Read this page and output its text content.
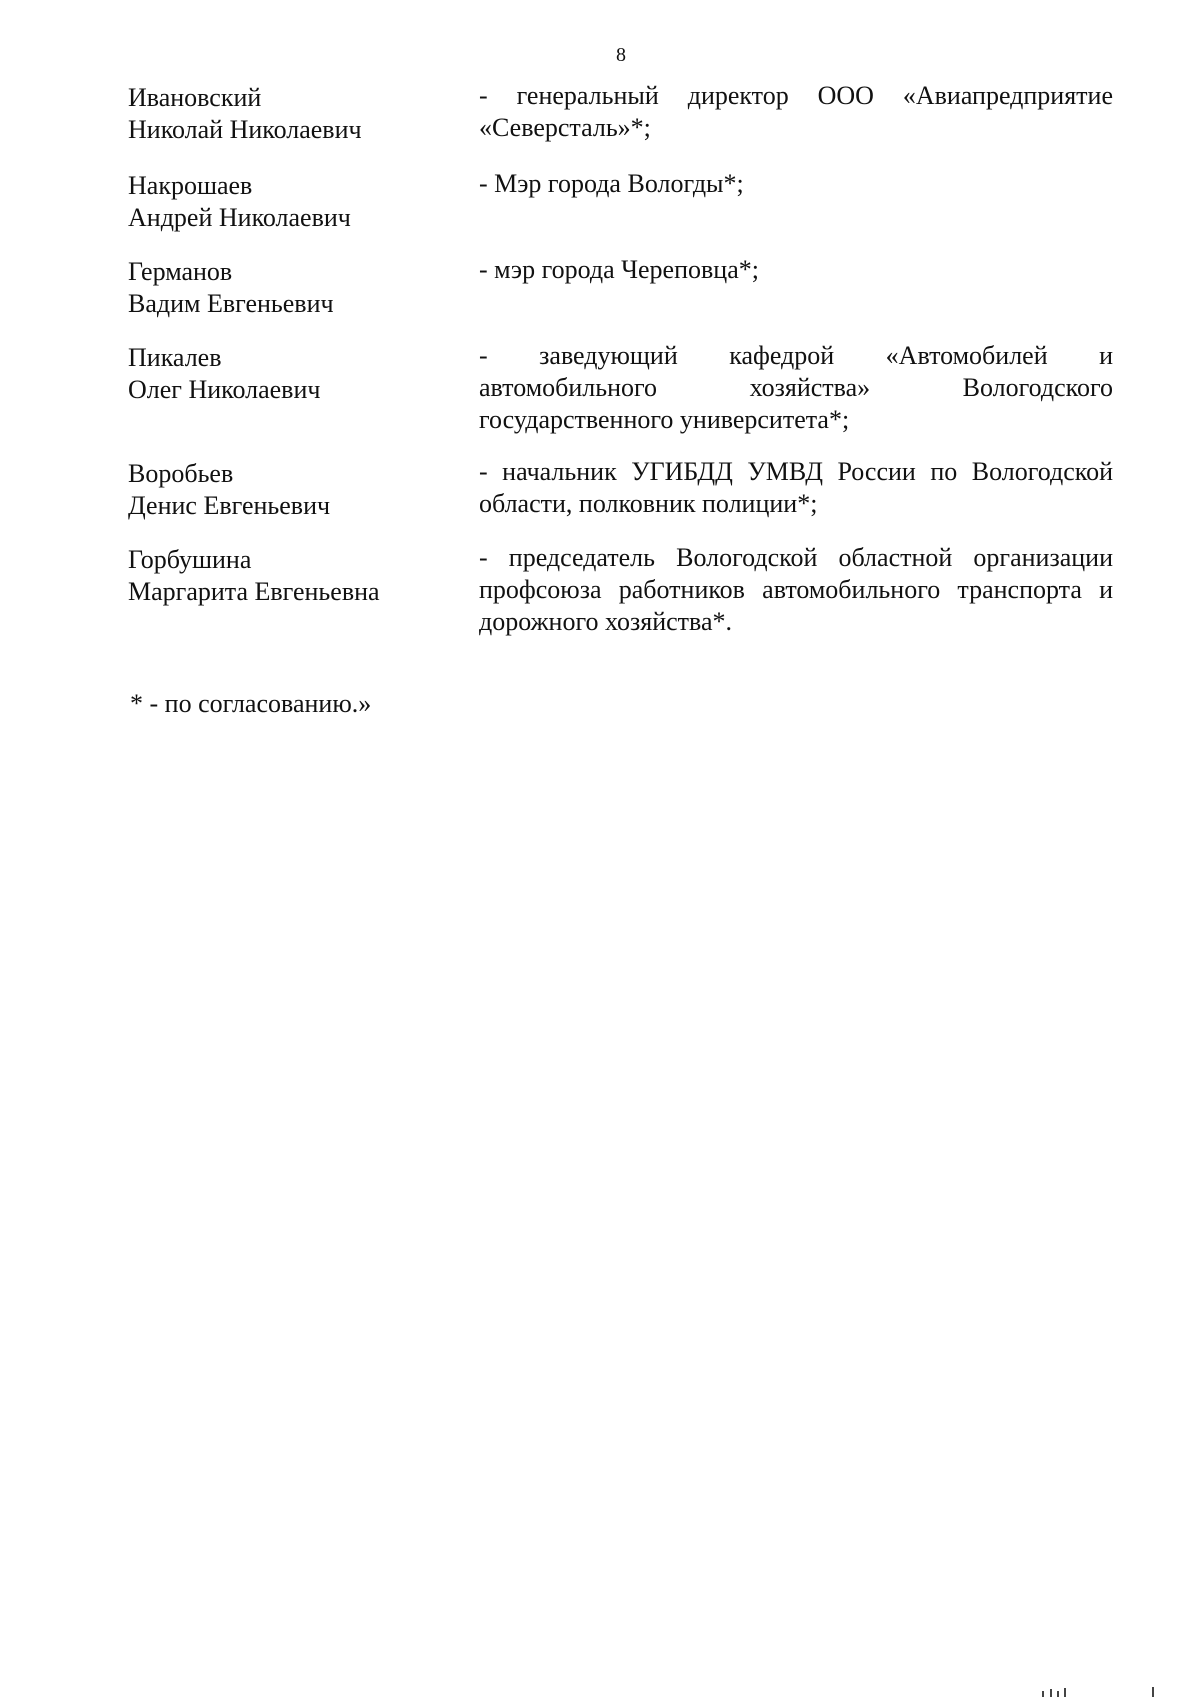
8
Ивановский
Николай Николаевич
- генеральный директор ООО «Авиапредприятие «Северсталь»*;
Накрошаев
Андрей Николаевич
- Мэр города Вологды*;
Германов
Вадим Евгеньевич
- мэр города Череповца*;
Пикалев
Олег Николаевич
- заведующий кафедрой «Автомобилей и автомобильного хозяйства» Вологодского государственного университета*;
Воробьев
Денис Евгеньевич
- начальник УГИБДД УМВД России по Вологодской области, полковник полиции*;
Горбушина
Маргарита Евгеньевна
- председатель Вологодской областной организации профсоюза работников автомобильного транспорта и дорожного хозяйства*.
* - по согласованию.»
